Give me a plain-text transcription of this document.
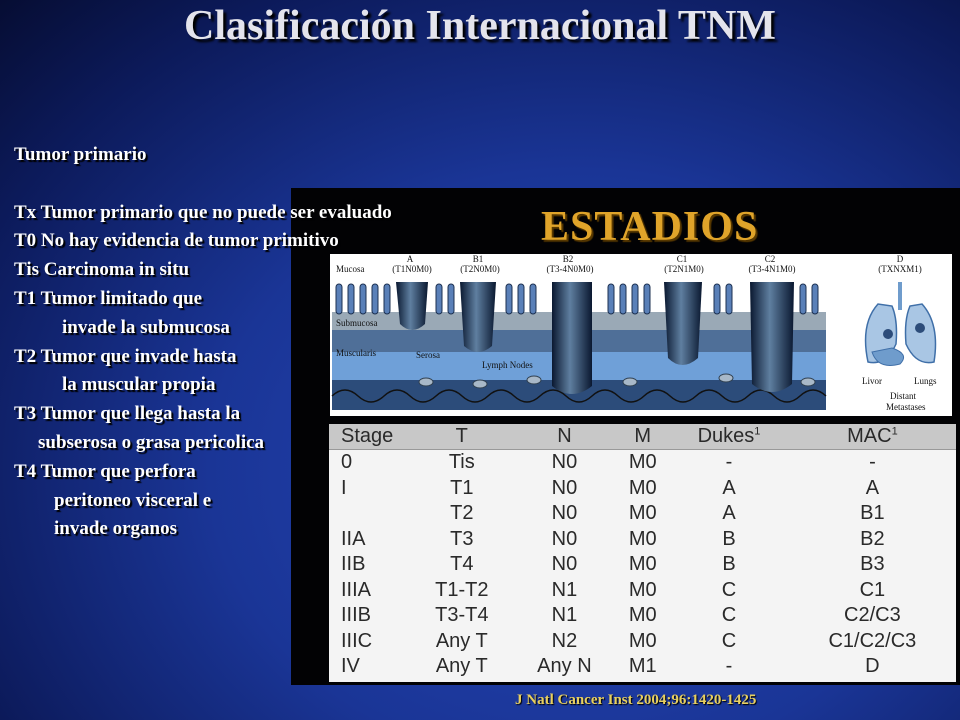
Clasificación Internacional TNM
Tumor primario
Tx Tumor primario que no puede ser evaluado
T0 No hay evidencia de tumor primitivo
Tis Carcinoma in situ
T1 Tumor limitado que
invade la submucosa
T2 Tumor que invade hasta
la muscular propia
T3 Tumor que llega hasta la
subserosa o grasa pericolica
T4 Tumor que perfora
peritoneo visceral e
invade organos
ESTADIOS
A
(T1N0M0)
B1
(T2N0M0)
B2
(T3-4N0M0)
C1
(T2N1M0)
C2
(T3-4N1M0)
D
(TXNXM1)
Mucosa
Submucosa
Muscularis	Serosa
Lymph Nodes
Livor	Lungs
Distant
Metastases
Stage	T	N	M	Dukes$^1$	MAC$^1$
0	Tis	N0	M0	-	-
I	T1	N0	M0	A	A
	T2	N0	M0	A	B1
IIA	T3	N0	M0	B	B2
IIB	T4	N0	M0	B	B3
IIIA	T1-T2	N1	M0	C	C1
IIIB	T3-T4	N1	M0	C	C2/C3
IIIC	Any T	N2	M0	C	C1/C2/C3
IV	Any T	Any N	M1	-	D

J Natl Cancer Inst 2004;96:1420-1425
